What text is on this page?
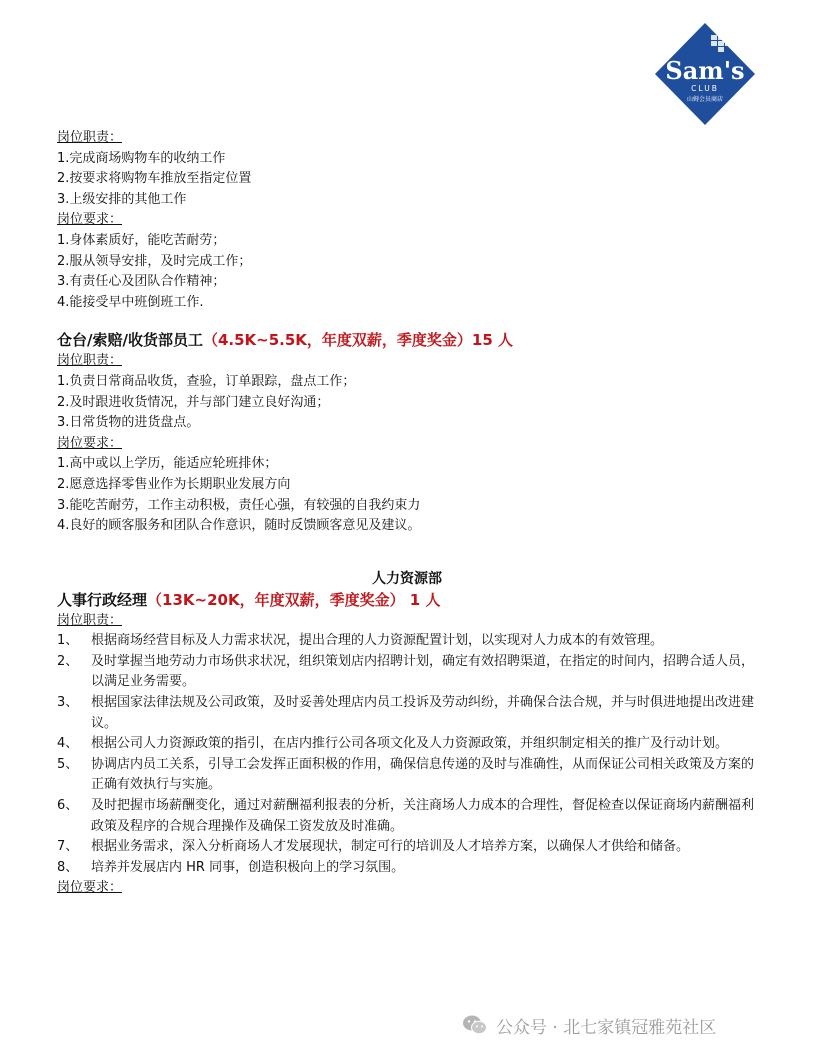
Sam's
CLUB
山姆会员商店
岗位职责：
1.完成商场购物车的收纳工作
2.按要求将购物车推放至指定位置
3.上级安排的其他工作
岗位要求：
1.身体素质好，能吃苦耐劳；
2.服从领导安排，及时完成工作；
3.有责任心及团队合作精神；
4.能接受早中班倒班工作.
仓台/索赔/收货部员工（4.5K~5.5K，年度双薪，季度奖金）15 人
岗位职责：
1.负责日常商品收货，查验，订单跟踪，盘点工作；
2.及时跟进收货情况，并与部门建立良好沟通；
3.日常货物的进货盘点。
岗位要求：
1.高中或以上学历，能适应轮班排休；
2.愿意选择零售业作为长期职业发展方向
3.能吃苦耐劳，工作主动积极，责任心强，有较强的自我约束力
4.良好的顾客服务和团队合作意识，随时反馈顾客意见及建议。
人力资源部
人事行政经理（13K~20K，年度双薪，季度奖金） 1 人
岗位职责：
1、 根据商场经营目标及人力需求状况，提出合理的人力资源配置计划，以实现对人力成本的有效管理。
2、 及时掌握当地劳动力市场供求状况，组织策划店内招聘计划，确定有效招聘渠道，在指定的时间内，招聘合适人员，以满足业务需要。
3、 根据国家法律法规及公司政策，及时妥善处理店内员工投诉及劳动纠纷，并确保合法合规，并与时俱进地提出改进建议。
4、 根据公司人力资源政策的指引，在店内推行公司各项文化及人力资源政策，并组织制定相关的推广及行动计划。
5、 协调店内员工关系，引导工会发挥正面积极的作用，确保信息传递的及时与准确性，从而保证公司相关政策及方案的正确有效执行与实施。
6、 及时把握市场薪酬变化，通过对薪酬福利报表的分析，关注商场人力成本的合理性，督促检查以保证商场内薪酬福利政策及程序的合规合理操作及确保工资发放及时准确。
7、 根据业务需求，深入分析商场人才发展现状，制定可行的培训及人才培养方案，以确保人才供给和储备。
8、 培养并发展店内 HR 同事，创造积极向上的学习氛围。
岗位要求：
公众号 · 北七家镇冠雅苑社区
